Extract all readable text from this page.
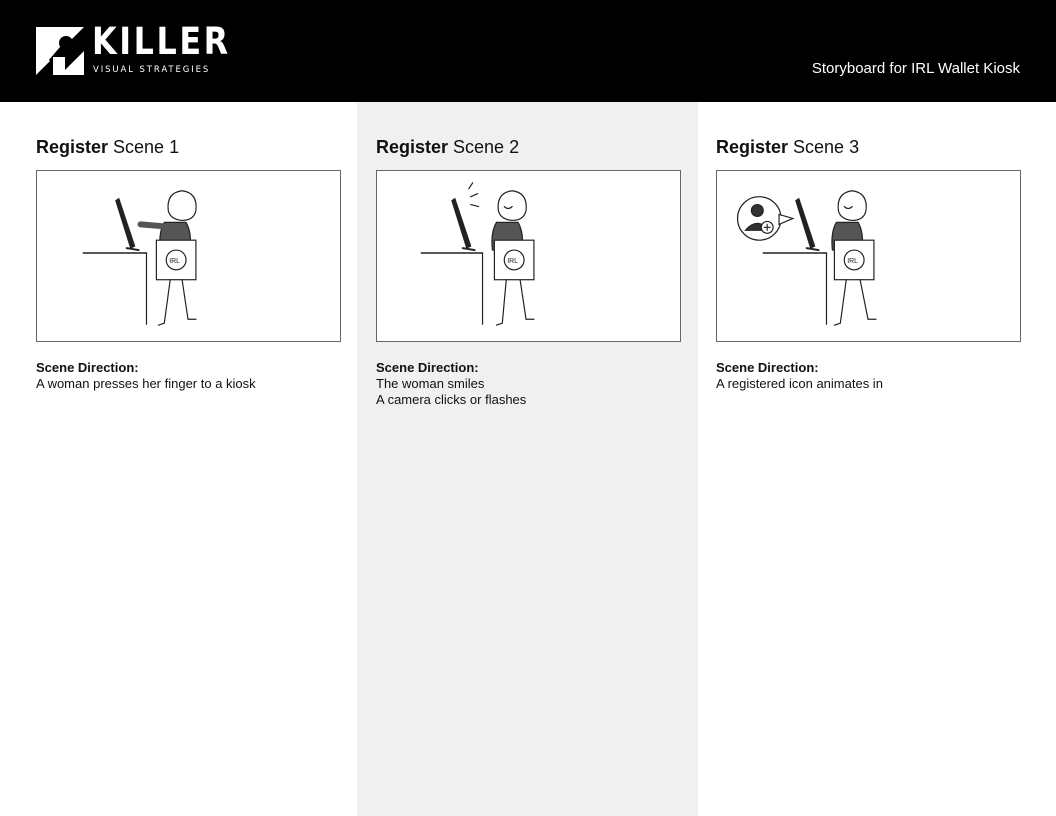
KILLER
VISUAL STRATEGIES	Storyboard for IRL Wallet Kiosk
Register Scene 1
IRL
Scene Direction:
A woman presses her finger to a kiosk
Register Scene 2
IRL
Scene Direction:
The woman smiles
A camera clicks or flashes
Register Scene 3
IRL
Scene Direction:
A registered icon animates in
